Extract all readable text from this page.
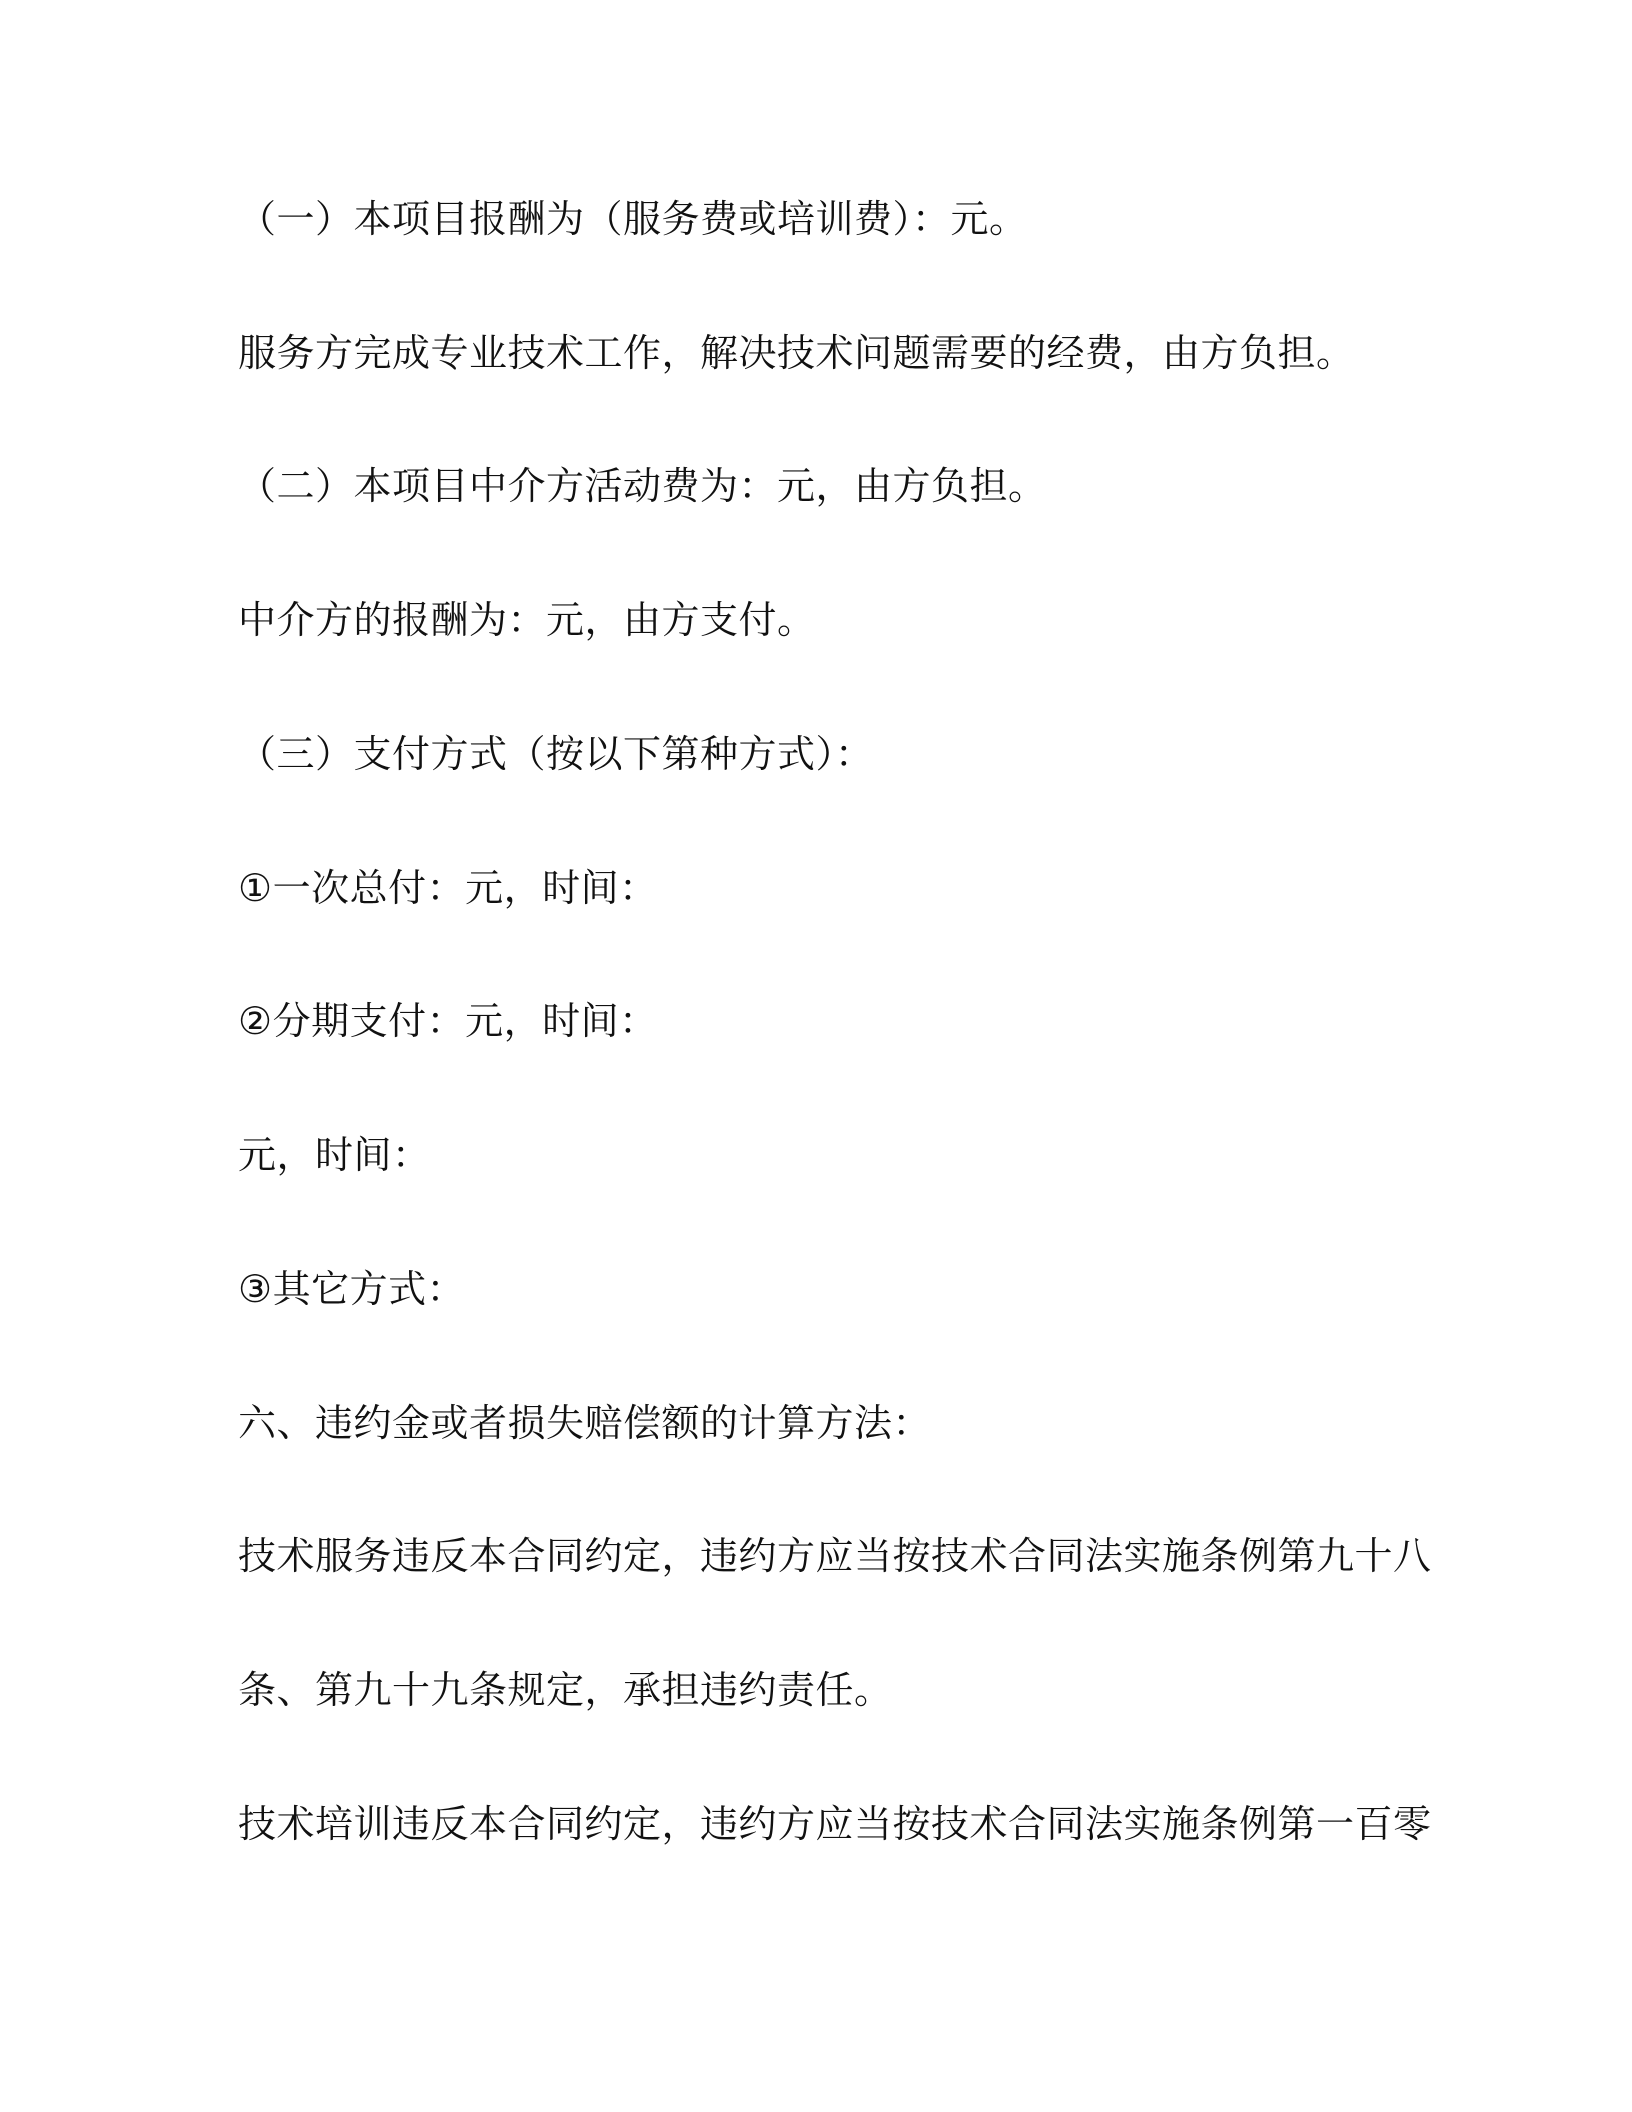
（一）本项目报酬为（服务费或培训费）：元。
服务方完成专业技术工作，解决技术问题需要的经费，由方负担。
（二）本项目中介方活动费为：元，由方负担。
中介方的报酬为：元，由方支付。
（三）支付方式（按以下第种方式）：
①一次总付：元，时间：
②分期支付：元，时间：
元，时间：
③其它方式：
六、违约金或者损失赔偿额的计算方法：
技术服务违反本合同约定，违约方应当按技术合同法实施条例第九十八
条、第九十九条规定，承担违约责任。
技术培训违反本合同约定，违约方应当按技术合同法实施条例第一百零
